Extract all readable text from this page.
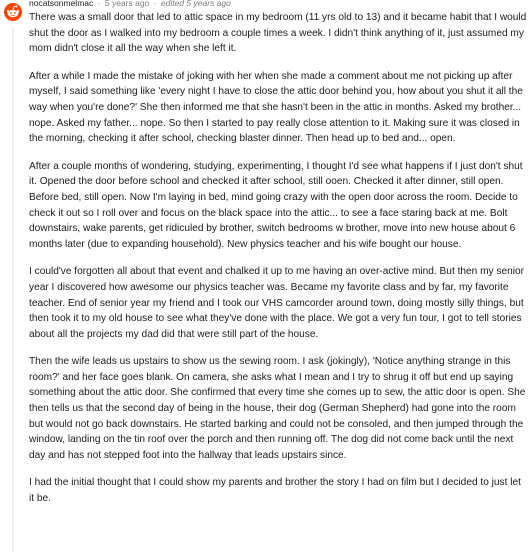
nocatsonmelmac · 5 years ago · edited 5 years ago

There was a small door that led to attic space in my bedroom (11 yrs old to 13) and it became habit that I would shut the door as I walked into my bedroom a couple times a week. I didn't think anything of it, just assumed my mom didn't close it all the way when she left it.

After a while I made the mistake of joking with her when she made a comment about me not picking up after myself, I said something like 'every night I have to close the attic door behind you, how about you shut it all the way when you're done?' She then informed me that she hasn't been in the attic in months. Asked my brother... nope. Asked my father... nope. So then I started to pay really close attention to it. Making sure it was closed in the morning, checking it after school, checking blaster dinner. Then head up to bed and... open.

After a couple months of wondering, studying, experimenting, I thought I'd see what happens if I just don't shut it. Opened the door before school and checked it after school, still ooen. Checked it after dinner, still open. Before bed, still open. Now I'm laying in bed, mind going crazy with the open door across the room. Decide to check it out so I roll over and focus on the black space into the attic... to see a face staring back at me. Bolt downstairs, wake parents, get ridiculed by brother, switch bedrooms w brother, move into new house about 6 months later (due to expanding household). New physics teacher and his wife bought our house.

I could've forgotten all about that event and chalked it up to me having an over-active mind. But then my senior year I discovered how awesome our physics teacher was. Became my favorite class and by far, my favorite teacher. End of senior year my friend and I took our VHS camcorder around town, doing mostly silly things, but then took it to my old house to see what they've done with the place. We got a very fun tour, I got to tell stories about all the projects my dad did that were still part of the house.

Then the wife leads us upstairs to show us the sewing room. I ask (jokingly), 'Notice anything strange in this room?' and her face goes blank. On camera, she asks what I mean and I try to shrug it off but end up saying something about the attic door. She confirmed that every time she comes up to sew, the attic door is open. She then tells us that the second day of being in the house, their dog (German Shepherd) had gone into the room but would not go back downstairs. He started barking and could not be consoled, and then jumped through the window, landing on the tin roof over the porch and then running off. The dog did not come back until the next day and has not stepped foot into the hallway that leads upstairs since.

I had the initial thought that I could show my parents and brother the story I had on film but I decided to just let it be.
